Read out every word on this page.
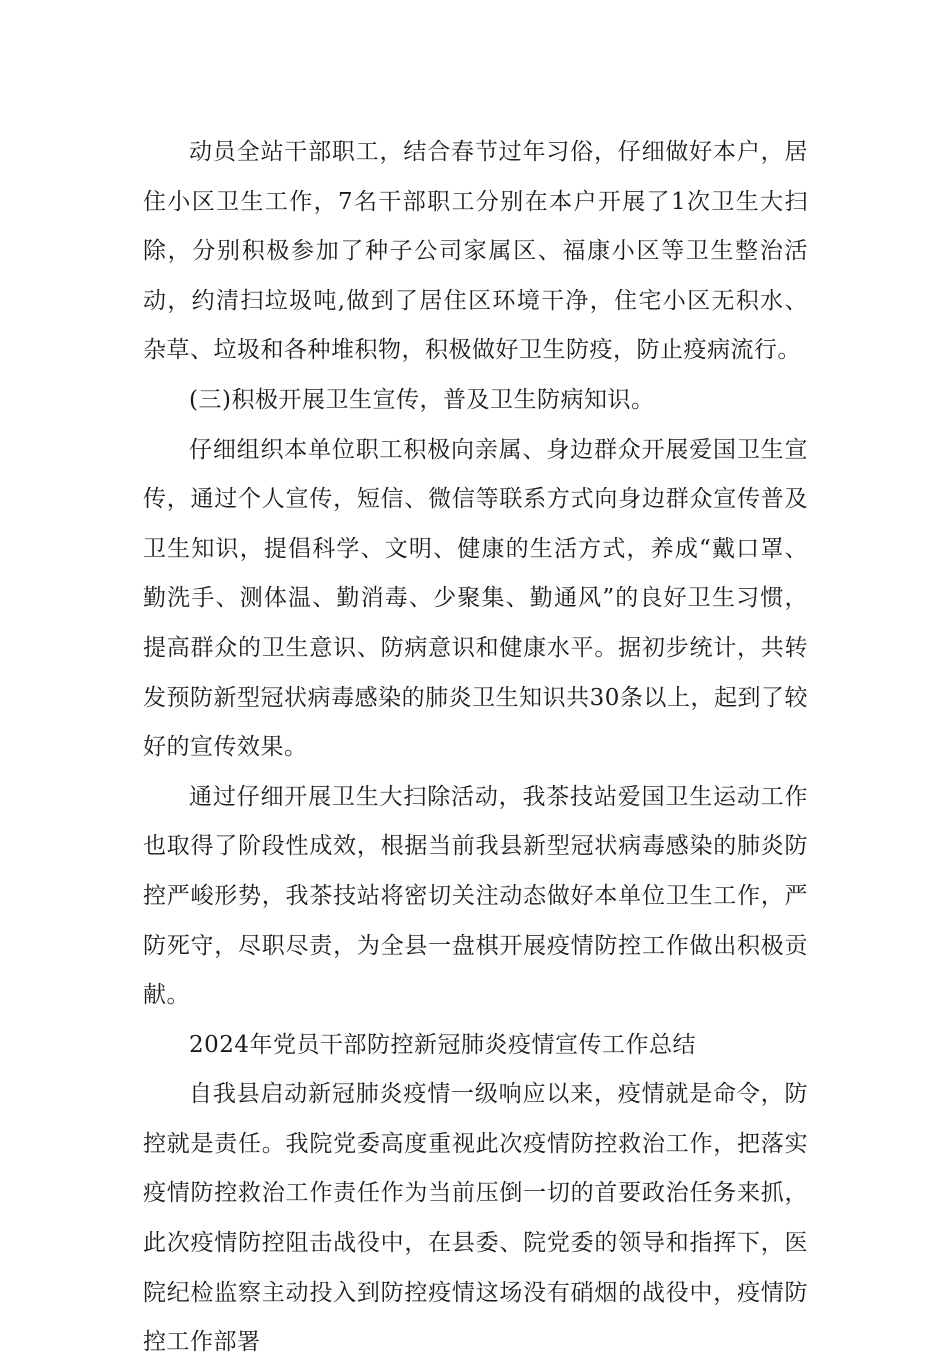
动员全站干部职工，结合春节过年习俗，仔细做好本户，居住小区卫生工作，7名干部职工分别在本户开展了1次卫生大扫除，分别积极参加了种子公司家属区、福康小区等卫生整治活动，约清扫垃圾吨,做到了居住区环境干净，住宅小区无积水、杂草、垃圾和各种堆积物，积极做好卫生防疫，防止疫病流行。

(三)积极开展卫生宣传，普及卫生防病知识。

仔细组织本单位职工积极向亲属、身边群众开展爱国卫生宣传，通过个人宣传，短信、微信等联系方式向身边群众宣传普及卫生知识，提倡科学、文明、健康的生活方式，养成“戴口罩、勤洗手、测体温、勤消毒、少聚集、勤通风”的良好卫生习惯，提高群众的卫生意识、防病意识和健康水平。据初步统计，共转发预防新型冠状病毒感染的肺炎卫生知识共30条以上，起到了较好的宣传效果。

通过仔细开展卫生大扫除活动，我茶技站爱国卫生运动工作也取得了阶段性成效，根据当前我县新型冠状病毒感染的肺炎防控严峻形势，我茶技站将密切关注动态做好本单位卫生工作，严防死守，尽职尽责，为全县一盘棋开展疫情防控工作做出积极贡献。

2024年党员干部防控新冠肺炎疫情宣传工作总结

自我县启动新冠肺炎疫情一级响应以来，疫情就是命令，防控就是责任。我院党委高度重视此次疫情防控救治工作，把落实疫情防控救治工作责任作为当前压倒一切的首要政治任务来抓，此次疫情防控阻击战役中，在县委、院党委的领导和指挥下，医院纪检监察主动投入到防控疫情这场没有硝烟的战役中，疫情防控工作部署
